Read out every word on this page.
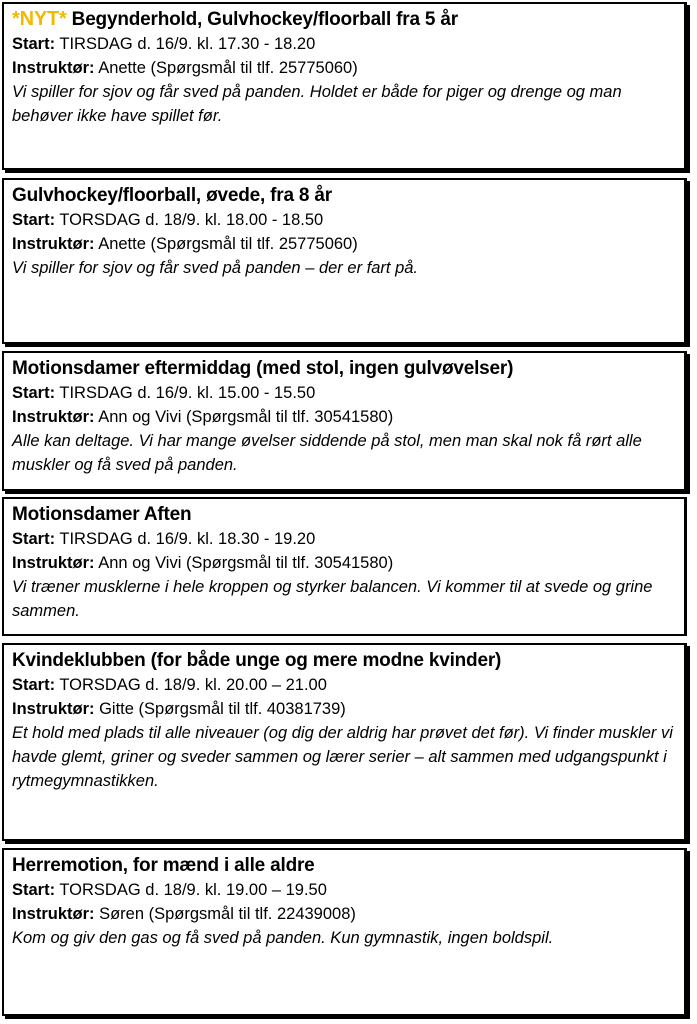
*NYT* Begynderhold, Gulvhockey/floorball fra 5 år
Start: TIRSDAG d. 16/9. kl. 17.30 - 18.20
Instruktør: Anette (Spørgsmål til tlf. 25775060)
Vi spiller for sjov og får sved på panden. Holdet er både for piger og drenge og man behøver ikke have spillet før.
Gulvhockey/floorball, øvede, fra 8 år
Start: TORSDAG d. 18/9. kl. 18.00 - 18.50
Instruktør: Anette (Spørgsmål til tlf. 25775060)
Vi spiller for sjov og får sved på panden – der er fart på.
Motionsdamer eftermiddag (med stol, ingen gulvøvelser)
Start: TIRSDAG d. 16/9. kl. 15.00 - 15.50
Instruktør: Ann og Vivi (Spørgsmål til tlf. 30541580)
Alle kan deltage. Vi har mange øvelser siddende på stol, men man skal nok få rørt alle muskler og få sved på panden.
Motionsdamer Aften
Start: TIRSDAG d. 16/9. kl. 18.30 - 19.20
Instruktør: Ann og Vivi (Spørgsmål til tlf. 30541580)
Vi træner musklerne i hele kroppen og styrker balancen. Vi kommer til at svede og grine sammen.
Kvindeklubben (for både unge og mere modne kvinder)
Start: TORSDAG d. 18/9. kl. 20.00 – 21.00
Instruktør: Gitte (Spørgsmål til tlf. 40381739)
Et hold med plads til alle niveauer (og dig der aldrig har prøvet det før). Vi finder muskler vi havde glemt, griner og sveder sammen og lærer serier – alt sammen med udgangspunkt i rytmegymnastikken.
Herremotion, for mænd i alle aldre
Start: TORSDAG d. 18/9. kl. 19.00 – 19.50
Instruktør: Søren (Spørgsmål til tlf. 22439008)
Kom og giv den gas og få sved på panden. Kun gymnastik, ingen boldspil.
